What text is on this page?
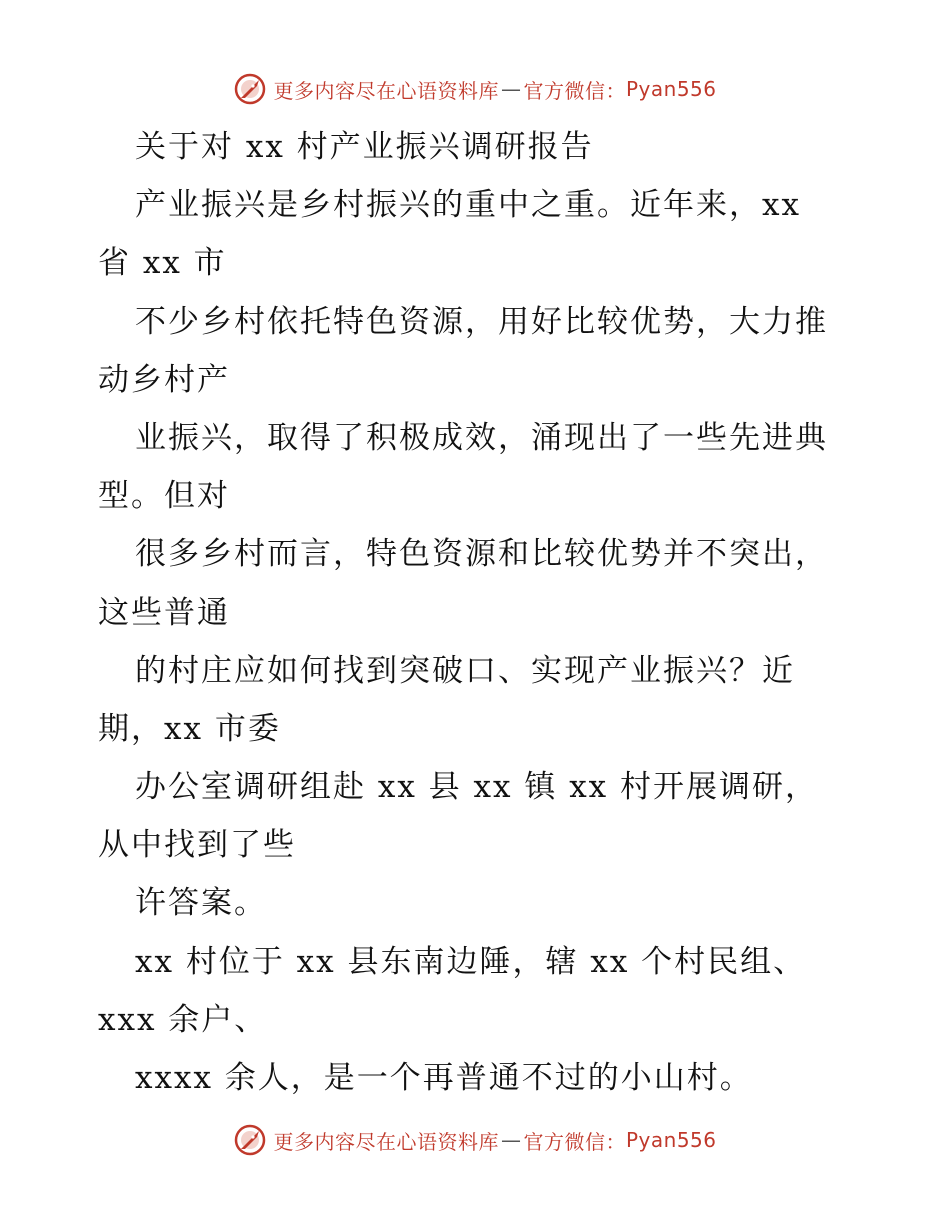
更多内容尽在心语资料库 — 官方微信： Pyan556
关于对 xx 村产业振兴调研报告
产业振兴是乡村振兴的重中之重。近年来，xx
省 xx 市
不少乡村依托特色资源，用好比较优势，大力推
动乡村产
业振兴，取得了积极成效，涌现出了一些先进典
型。但对
很多乡村而言，特色资源和比较优势并不突出，
这些普通
的村庄应如何找到突破口、实现产业振兴？近
期，xx 市委
办公室调研组赴 xx 县 xx 镇 xx 村开展调研，
从中找到了些
许答案。
xx 村位于 xx 县东南边陲，辖 xx 个村民组、
xxx 余户、
xxxx 余人，是一个再普通不过的小山村。
更多内容尽在心语资料库 — 官方微信： Pyan556
